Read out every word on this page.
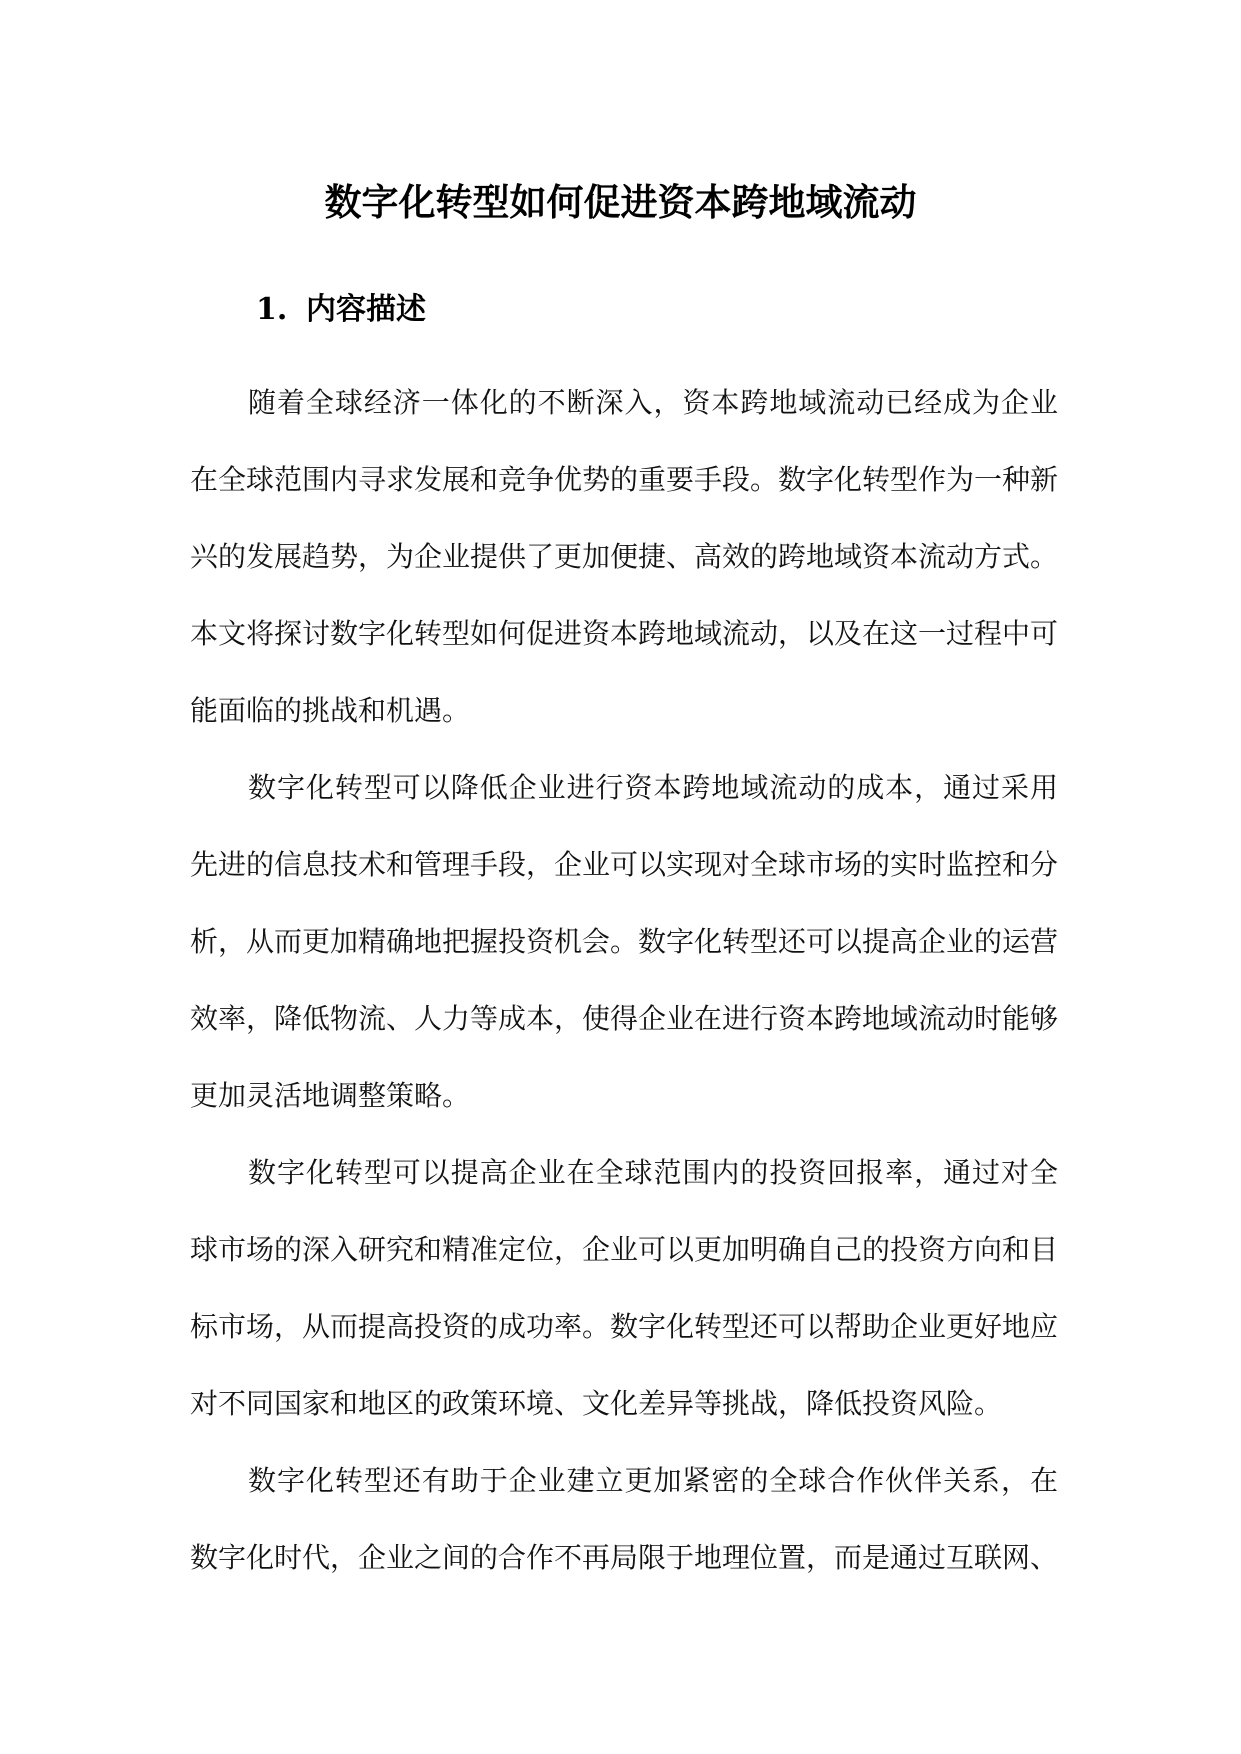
数字化转型如何促进资本跨地域流动
1. 内容描述

随着全球经济一体化的不断深入，资本跨地域流动已经成为企业在全球范围内寻求发展和竞争优势的重要手段。数字化转型作为一种新兴的发展趋势，为企业提供了更加便捷、高效的跨地域资本流动方式。本文将探讨数字化转型如何促进资本跨地域流动，以及在这一过程中可能面临的挑战和机遇。

数字化转型可以降低企业进行资本跨地域流动的成本，通过采用先进的信息技术和管理手段，企业可以实现对全球市场的实时监控和分析，从而更加精确地把握投资机会。数字化转型还可以提高企业的运营效率，降低物流、人力等成本，使得企业在进行资本跨地域流动时能够更加灵活地调整策略。

数字化转型可以提高企业在全球范围内的投资回报率，通过对全球市场的深入研究和精准定位，企业可以更加明确自己的投资方向和目标市场，从而提高投资的成功率。数字化转型还可以帮助企业更好地应对不同国家和地区的政策环境、文化差异等挑战，降低投资风险。

数字化转型还有助于企业建立更加紧密的全球合作伙伴关系，在数字化时代，企业之间的合作不再局限于地理位置，而是通过互联网、
